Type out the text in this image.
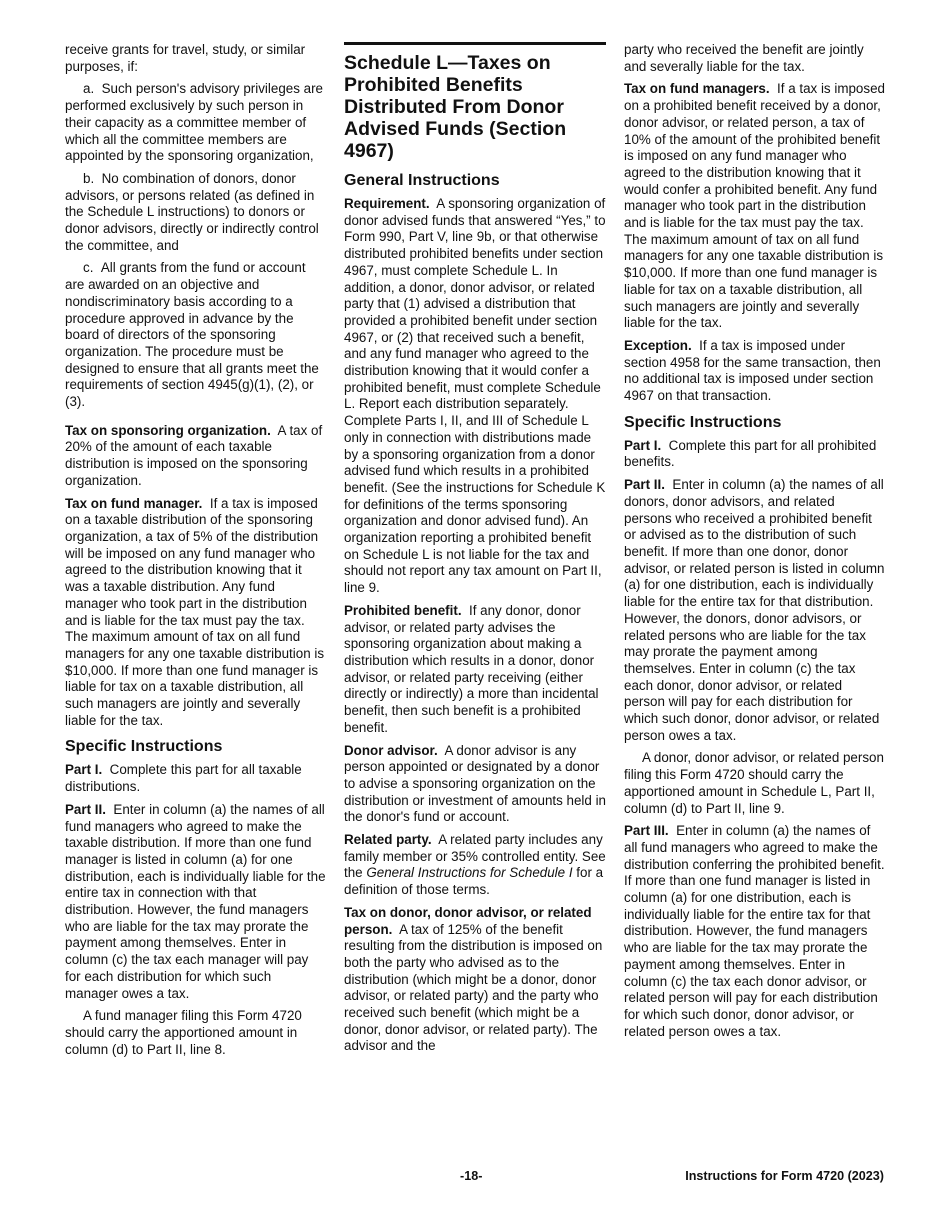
receive grants for travel, study, or similar purposes, if:

a.  Such person's advisory privileges are performed exclusively by such person in their capacity as a committee member of which all the committee members are appointed by the sponsoring organization,

b.  No combination of donors, donor advisors, or persons related (as defined in the Schedule L instructions) to donors or donor advisors, directly or indirectly control the committee, and

c.  All grants from the fund or account are awarded on an objective and nondiscriminatory basis according to a procedure approved in advance by the board of directors of the sponsoring organization. The procedure must be designed to ensure that all grants meet the requirements of section 4945(g)(1), (2), or (3).

Tax on sponsoring organization. A tax of 20% of the amount of each taxable distribution is imposed on the sponsoring organization.

Tax on fund manager. If a tax is imposed on a taxable distribution of the sponsoring organization, a tax of 5% of the distribution will be imposed on any fund manager who agreed to the distribution knowing that it was a taxable distribution. Any fund manager who took part in the distribution and is liable for the tax must pay the tax. The maximum amount of tax on all fund managers for any one taxable distribution is $10,000. If more than one fund manager is liable for tax on a taxable distribution, all such managers are jointly and severally liable for the tax.

Specific Instructions

Part I. Complete this part for all taxable distributions.

Part II. Enter in column (a) the names of all fund managers who agreed to make the taxable distribution. If more than one fund manager is listed in column (a) for one distribution, each is individually liable for the entire tax in connection with that distribution. However, the fund managers who are liable for the tax may prorate the payment among themselves. Enter in column (c) the tax each manager will pay for each distribution for which such manager owes a tax.

A fund manager filing this Form 4720 should carry the apportioned amount in column (d) to Part II, line 8.

Schedule L—Taxes on Prohibited Benefits Distributed From Donor Advised Funds (Section 4967)
General Instructions

Requirement. A sponsoring organization of donor advised funds that answered “Yes,” to Form 990, Part V, line 9b, or that otherwise distributed prohibited benefits under section 4967, must complete Schedule L. In addition, a donor, donor advisor, or related party that (1) advised a distribution that provided a prohibited benefit under section 4967, or (2) that received such a benefit, and any fund manager who agreed to the distribution knowing that it would confer a prohibited benefit, must complete Schedule L. Report each distribution separately. Complete Parts I, II, and III of Schedule L only in connection with distributions made by a sponsoring organization from a donor advised fund which results in a prohibited benefit. (See the instructions for Schedule K for definitions of the terms sponsoring organization and donor advised fund). An organization reporting a prohibited benefit on Schedule L is not liable for the tax and should not report any tax amount on Part II, line 9.

Prohibited benefit. If any donor, donor advisor, or related party advises the sponsoring organization about making a distribution which results in a donor, donor advisor, or related party receiving (either directly or indirectly) a more than incidental benefit, then such benefit is a prohibited benefit.

Donor advisor. A donor advisor is any person appointed or designated by a donor to advise a sponsoring organization on the distribution or investment of amounts held in the donor's fund or account.

Related party. A related party includes any family member or 35% controlled entity. See the General Instructions for Schedule I for a definition of those terms.

Tax on donor, donor advisor, or related person. A tax of 125% of the benefit resulting from the distribution is imposed on both the party who advised as to the distribution (which might be a donor, donor advisor, or related party) and the party who received such benefit (which might be a donor, donor advisor, or related party). The advisor and the

party who received the benefit are jointly and severally liable for the tax.

Tax on fund managers. If a tax is imposed on a prohibited benefit received by a donor, donor advisor, or related person, a tax of 10% of the amount of the prohibited benefit is imposed on any fund manager who agreed to the distribution knowing that it would confer a prohibited benefit. Any fund manager who took part in the distribution and is liable for the tax must pay the tax. The maximum amount of tax on all fund managers for any one taxable distribution is $10,000. If more than one fund manager is liable for tax on a taxable distribution, all such managers are jointly and severally liable for the tax.

Exception. If a tax is imposed under section 4958 for the same transaction, then no additional tax is imposed under section 4967 on that transaction.

Specific Instructions

Part I. Complete this part for all prohibited benefits.

Part II. Enter in column (a) the names of all donors, donor advisors, and related persons who received a prohibited benefit or advised as to the distribution of such benefit. If more than one donor, donor advisor, or related person is listed in column (a) for one distribution, each is individually liable for the entire tax for that distribution. However, the donors, donor advisors, or related persons who are liable for the tax may prorate the payment among themselves. Enter in column (c) the tax each donor, donor advisor, or related person will pay for each distribution for which such donor, donor advisor, or related person owes a tax.

A donor, donor advisor, or related person filing this Form 4720 should carry the apportioned amount in Schedule L, Part II, column (d) to Part II, line 9.

Part III. Enter in column (a) the names of all fund managers who agreed to make the distribution conferring the prohibited benefit. If more than one fund manager is listed in column (a) for one distribution, each is individually liable for the entire tax for that distribution. However, the fund managers who are liable for the tax may prorate the payment among themselves. Enter in column (c) the tax each donor advisor, or related person will pay for each distribution for which such donor, donor advisor, or related person owes a tax.

-18-	Instructions for Form 4720 (2023)
